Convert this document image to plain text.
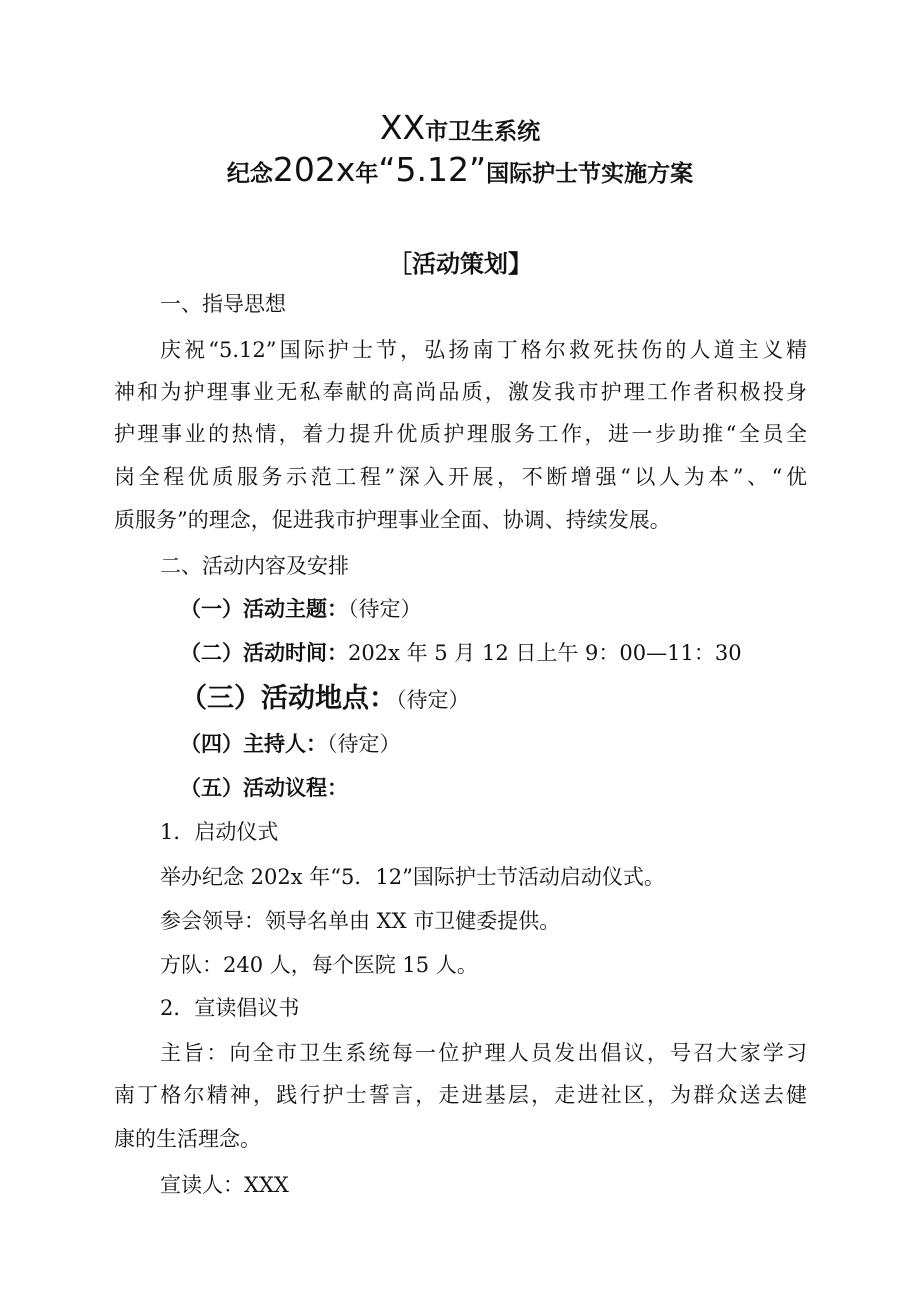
XX市卫生系统
纪念202x年“5.12”国际护士节实施方案
［活动策划】
一、指导思想
庆祝“5.12”国际护士节，弘扬南丁格尔救死扶伤的人道主义精
神和为护理事业无私奉献的高尚品质，激发我市护理工作者积极投身
护理事业的热情，着力提升优质护理服务工作，进一步助推“全员全
岗全程优质服务示范工程”深入开展，不断增强“以人为本”、“优
质服务”的理念，促进我市护理事业全面、协调、持续发展。
二、活动内容及安排
（一）活动主题：（待定）
（二）活动时间：202x 年 5 月 12 日上午 9：00—11：30
（三）活动地点：（待定）
（四）主持人：（待定）
（五）活动议程：
1．启动仪式
举办纪念 202x 年“5．12”国际护士节活动启动仪式。
参会领导：领导名单由 XX 市卫健委提供。
方队：240 人，每个医院 15 人。
2．宣读倡议书
主旨：向全市卫生系统每一位护理人员发出倡议，号召大家学习
南丁格尔精神，践行护士誓言，走进基层，走进社区，为群众送去健
康的生活理念。
宣读人：XXX
